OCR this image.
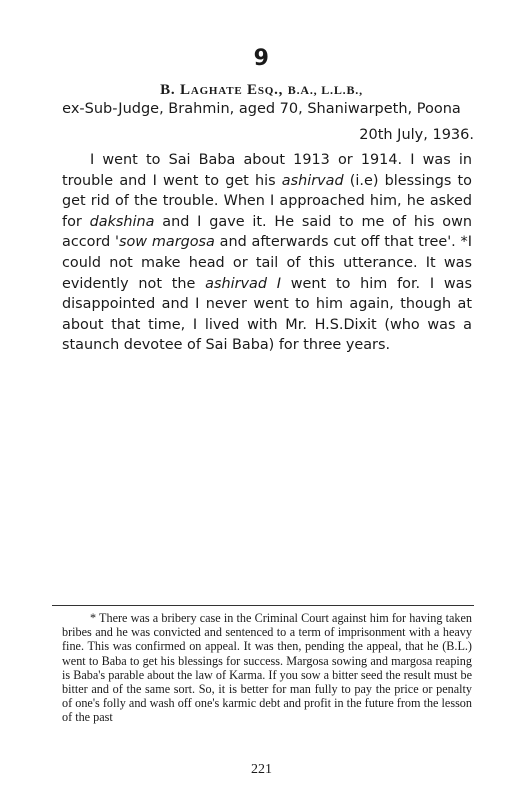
9
B. Laghate Esq., B.A., L.L.B.,
ex-Sub-Judge, Brahmin, aged 70, Shaniwarpeth, Poona
20th July, 1936.

I went to Sai Baba about 1913 or 1914. I was in trouble and I went to get his ashirvad (i.e) blessings to get rid of the trouble. When I approached him, he asked for dakshina and I gave it. He said to me of his own accord 'sow margosa and afterwards cut off that tree'. *I could not make head or tail of this utterance. It was evidently not the ashirvad I went to him for. I was disappointed and I never went to him again, though at about that time, I lived with Mr. H.S.Dixit (who was a staunch devotee of Sai Baba) for three years.

* There was a bribery case in the Criminal Court against him for having taken bribes and he was convicted and sentenced to a term of imprisonment with a heavy fine. This was confirmed on appeal. It was then, pending the appeal, that he (B.L.) went to Baba to get his blessings for success. Margosa sowing and margosa reaping is Baba's parable about the law of Karma. If you sow a bitter seed the result must be bitter and of the same sort. So, it is better for man fully to pay the price or penalty of one's folly and wash off one's karmic debt and profit in the future from the lesson of the past

221
